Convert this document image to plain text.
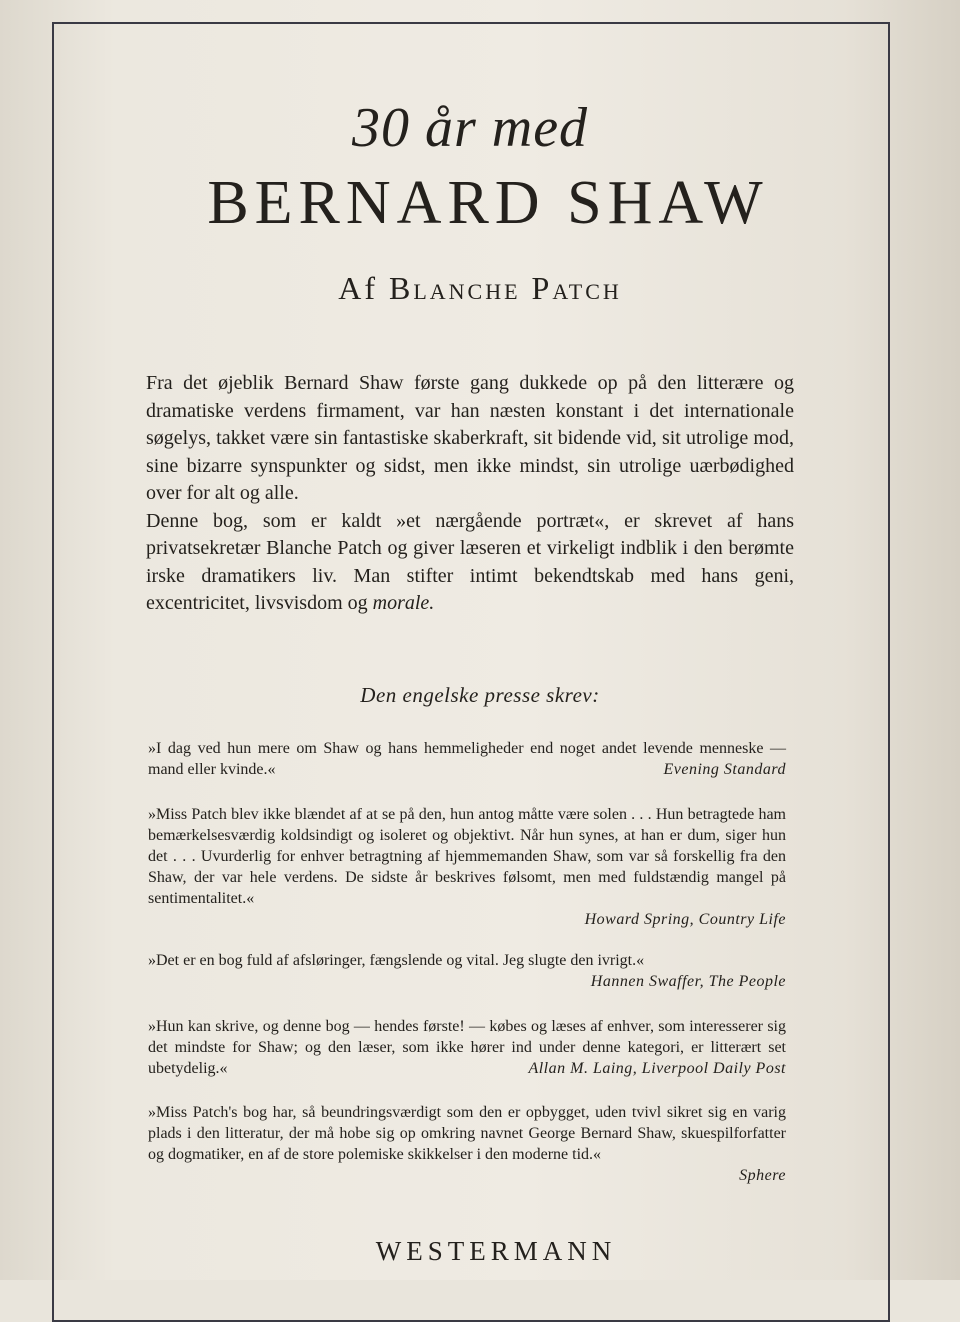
30 år med
BERNARD SHAW
Af Blanche Patch

Fra det øjeblik Bernard Shaw første gang dukkede op på den litterære og dramatiske verdens firmament, var han næsten konstant i det internationale søgelys, takket være sin fantastiske skaberkraft, sit bidende vid, sit utrolige mod, sine bizarre synspunkter og sidst, men ikke mindst, sin utrolige uærbødighed over for alt og alle.

Denne bog, som er kaldt »et nærgående portræt«, er skrevet af hans privatsekretær Blanche Patch og giver læseren et virkeligt indblik i den berømte irske dramatikers liv. Man stifter intimt bekendtskab med hans geni, excentricitet, livsvisdom og morale.

Den engelske presse skrev:
»I dag ved hun mere om Shaw og hans hemmeligheder end noget andet levende menneske — mand eller kvinde.«	Evening Standard
»Miss Patch blev ikke blændet af at se på den, hun antog måtte være solen . . . Hun betragtede ham bemærkelsesværdig koldsindigt og isoleret og objektivt. Når hun synes, at han er dum, siger hun det . . . Uvurderlig for enhver betragtning af hjemmemanden Shaw, som var så forskellig fra den Shaw, der var hele verdens. De sidste år beskrives følsomt, men med fuldstændig mangel på sentimentalitet.«
Howard Spring, Country Life
»Det er en bog fuld af afsløringer, fængslende og vital. Jeg slugte den ivrigt.«
Hannen Swaffer, The People
»Hun kan skrive, og denne bog — hendes første! — købes og læses af enhver, som interesserer sig det mindste for Shaw; og den læser, som ikke hører ind under denne kategori, er litterært set ubetydelig.«	Allan M. Laing, Liverpool Daily Post
»Miss Patch's bog har, så beundringsværdigt som den er opbygget, uden tvivl sikret sig en varig plads i den litteratur, der må hobe sig op omkring navnet George Bernard Shaw, skuespilforfatter og dogmatiker, en af de store polemiske skikkelser i den moderne tid.«
Sphere
WESTERMANN
